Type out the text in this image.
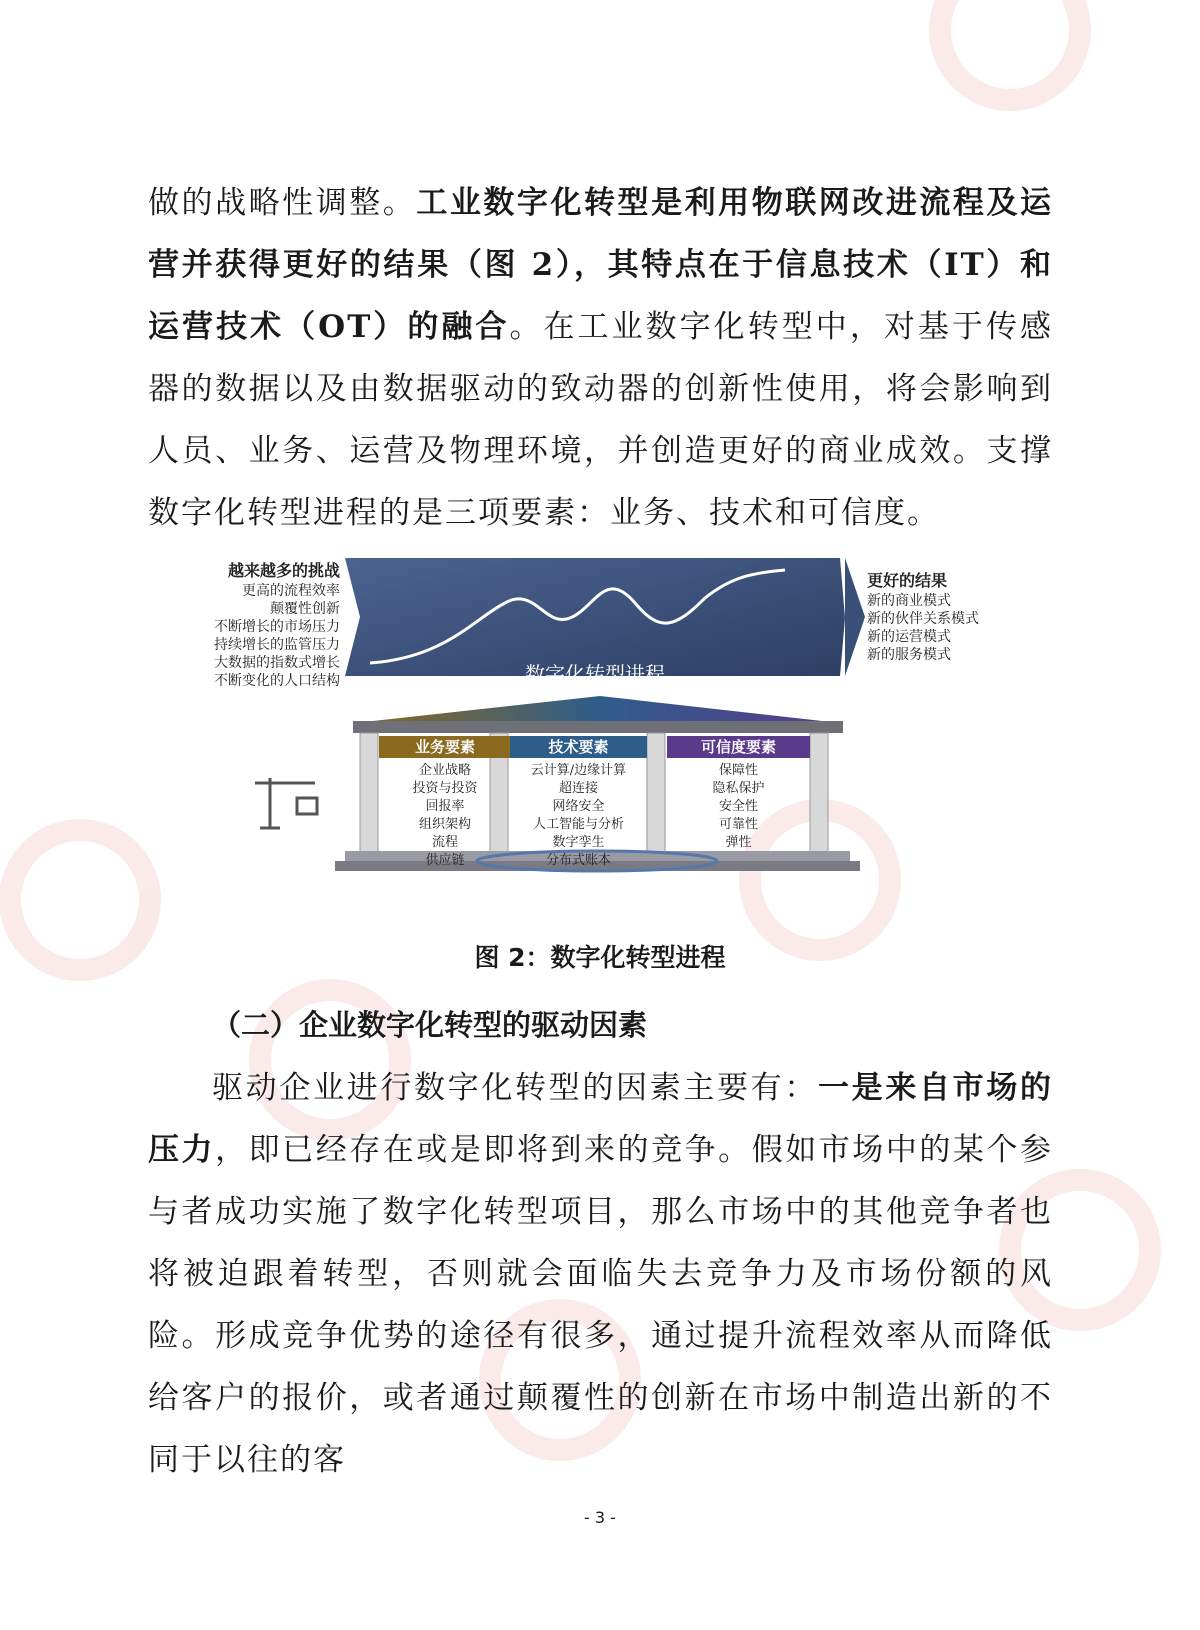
做的战略性调整。工业数字化转型是利用物联网改进流程及运营并获得更好的结果（图 2），其特点在于信息技术（IT）和运营技术（OT）的融合。在工业数字化转型中，对基于传感器的数据以及由数据驱动的致动器的创新性使用，将会影响到人员、业务、运营及物理环境，并创造更好的商业成效。支撑数字化转型进程的是三项要素：业务、技术和可信度。

越来越多的挑战
更高的流程效率
颠覆性创新
不断增长的市场压力
持续增长的监管压力
大数据的指数式增长
不断变化的人口结构	数字化转型进程
更好的结果
新的商业模式
新的伙伴关系模式
新的运营模式
新的服务模式
业务要素
企业战略
投资与投资
回报率
组织架构
流程
供应链
技术要素
云计算/边缘计算
超连接
网络安全
人工智能与分析
数字孪生
分布式账本
可信度要素
保障性
隐私保护
安全性
可靠性
弹性

图 2：数字化转型进程

（二）企业数字化转型的驱动因素

驱动企业进行数字化转型的因素主要有：一是来自市场的压力，即已经存在或是即将到来的竞争。假如市场中的某个参与者成功实施了数字化转型项目，那么市场中的其他竞争者也将被迫跟着转型，否则就会面临失去竞争力及市场份额的风险。形成竞争优势的途径有很多，通过提升流程效率从而降低给客户的报价，或者通过颠覆性的创新在市场中制造出新的不同于以往的客

- 3 -
